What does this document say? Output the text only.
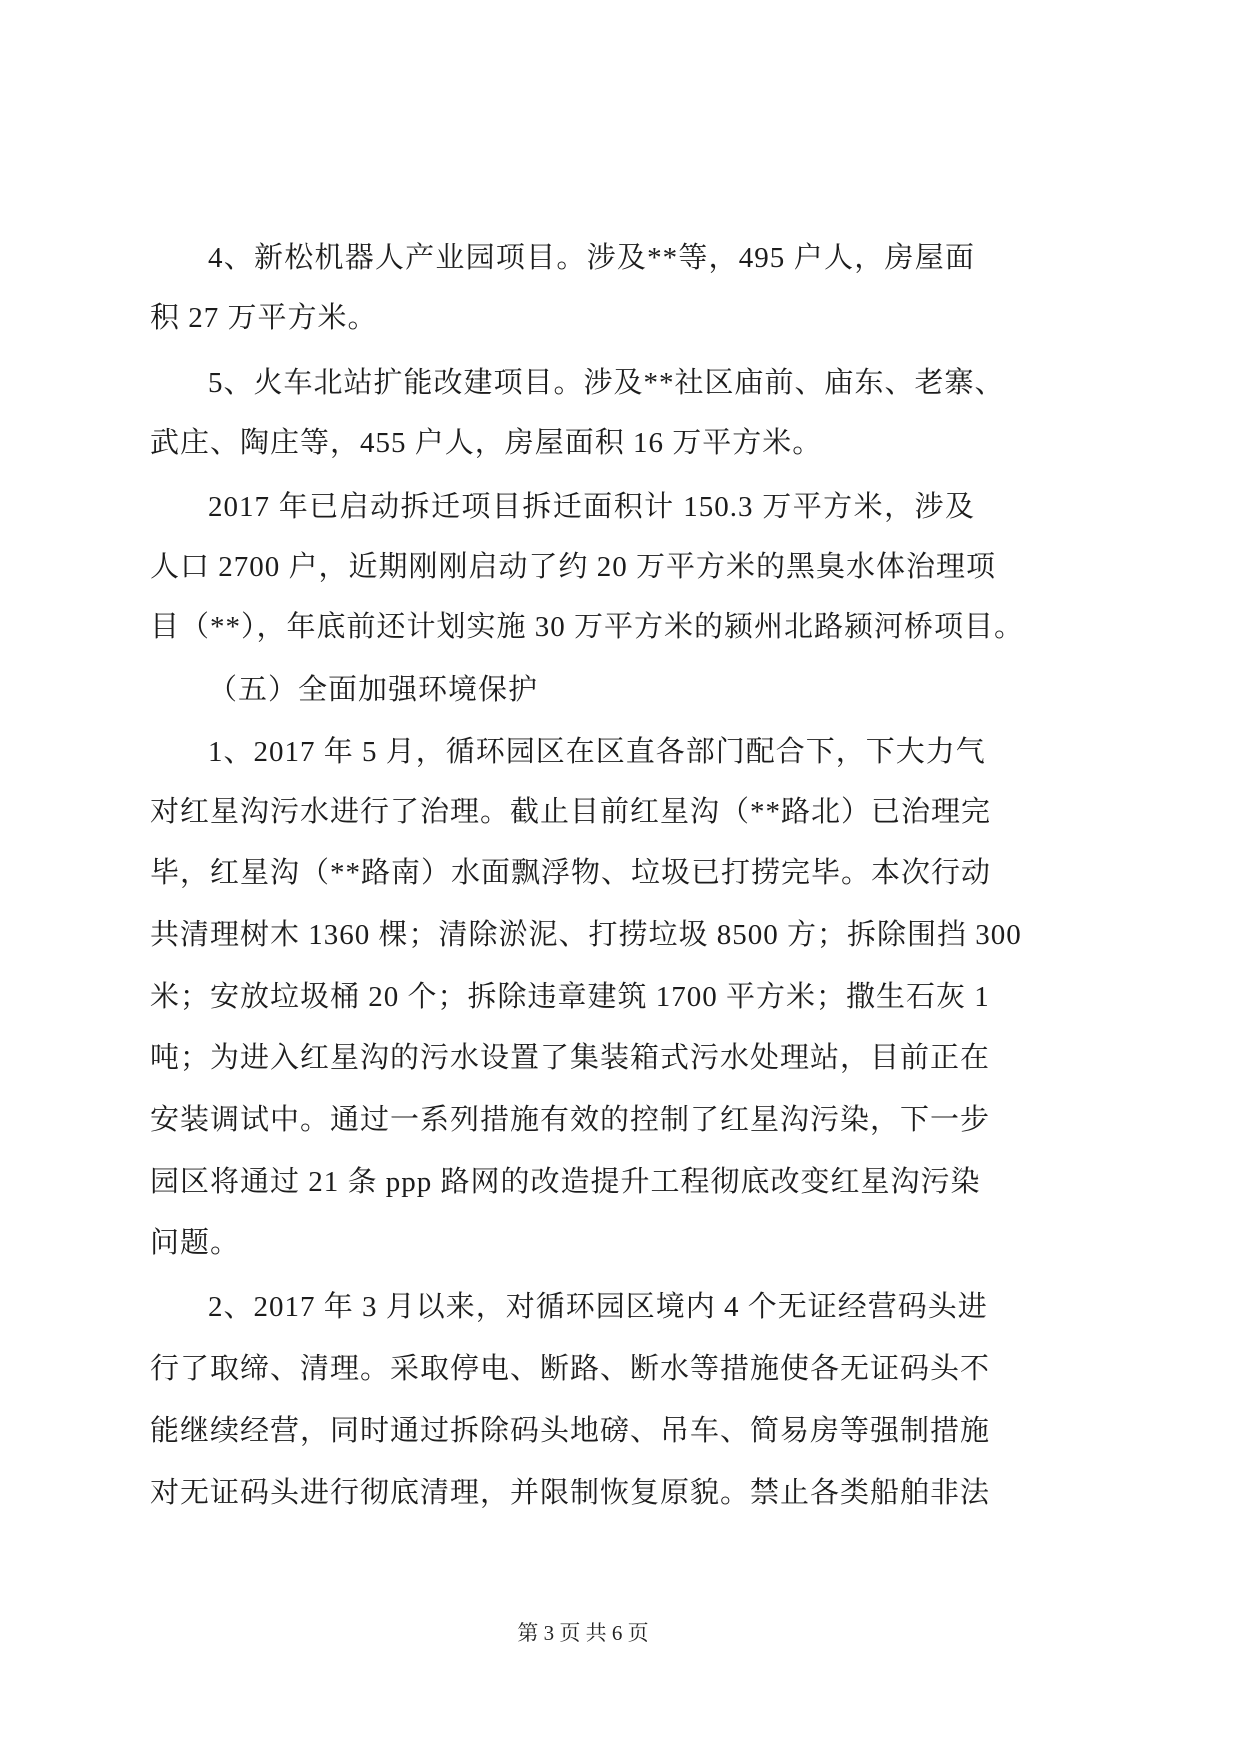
4、新松机器人产业园项目。涉及**等，495 户人，房屋面
积 27 万平方米。
5、火车北站扩能改建项目。涉及**社区庙前、庙东、老寨、
武庄、陶庄等，455 户人，房屋面积 16 万平方米。
2017 年已启动拆迁项目拆迁面积计 150.3 万平方米，涉及
人口 2700 户，近期刚刚启动了约 20 万平方米的黑臭水体治理项
目（**），年底前还计划实施 30 万平方米的颍州北路颍河桥项目。
（五）全面加强环境保护
1、2017 年 5 月，循环园区在区直各部门配合下，下大力气
对红星沟污水进行了治理。截止目前红星沟（**路北）已治理完
毕，红星沟（**路南）水面飘浮物、垃圾已打捞完毕。本次行动
共清理树木 1360 棵；清除淤泥、打捞垃圾 8500 方；拆除围挡 300
米；安放垃圾桶 20 个；拆除违章建筑 1700 平方米；撒生石灰 1
吨；为进入红星沟的污水设置了集装箱式污水处理站，目前正在
安装调试中。通过一系列措施有效的控制了红星沟污染，下一步
园区将通过 21 条 ppp 路网的改造提升工程彻底改变红星沟污染
问题。
2、2017 年 3 月以来，对循环园区境内 4 个无证经营码头进
行了取缔、清理。采取停电、断路、断水等措施使各无证码头不
能继续经营，同时通过拆除码头地磅、吊车、简易房等强制措施
对无证码头进行彻底清理，并限制恢复原貌。禁止各类船舶非法
第 3 页 共 6 页
